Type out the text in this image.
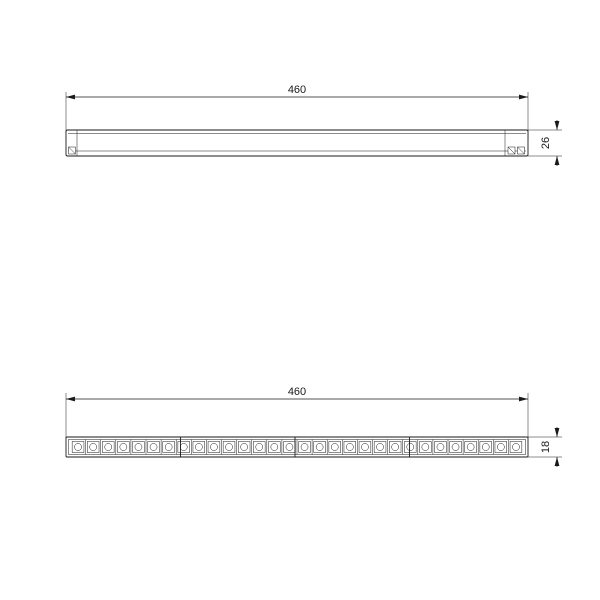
460
26
460
18
